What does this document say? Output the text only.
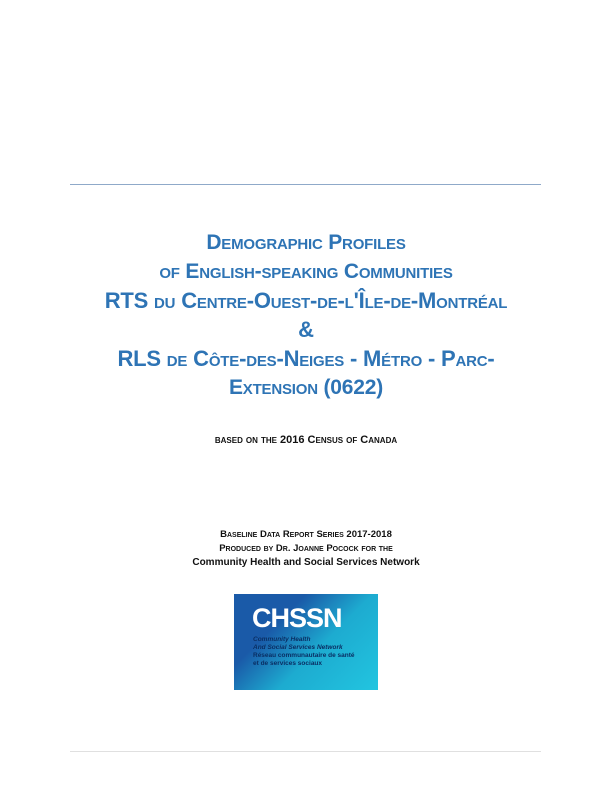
Demographic Profiles
of English-speaking Communities
RTS du Centre-Ouest-de-l'Île-de-Montréal
&
RLS de Côte-des-Neiges - Métro - Parc-
Extension (0622)

based on the 2016 Census of Canada

Baseline Data Report Series 2017-2018
Produced by Dr. Joanne Pocock for the
Community Health and Social Services Network
CHSSN
Community Health
And Social Services Network
Réseau communautaire de santé
et de services sociaux
